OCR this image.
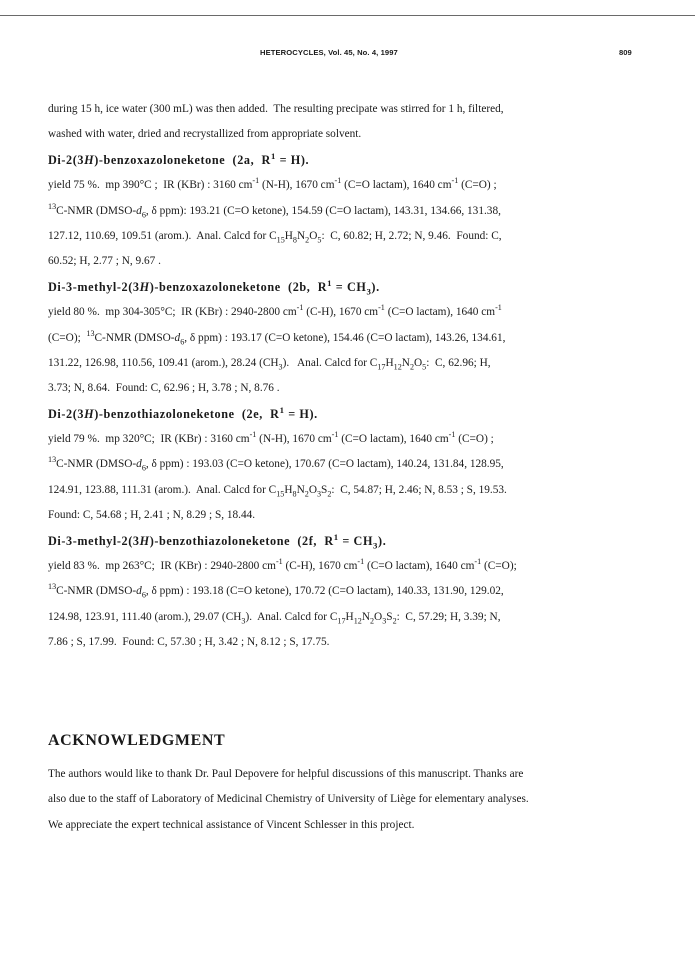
HETEROCYCLES, Vol. 45, No. 4, 1997	809
during 15 h, ice water (300 mL) was then added.  The resulting precipate was stirred for 1 h, filtered,
washed with water, dried and recrystallized from appropriate solvent.
Di-2(3H)-benzoxazoloneketone  (2a,  $R^1 = H$).
yield 75 %.  mp 390°C ;  IR (KBr) : 3160 $cm^{-1}$ (N-H), 1670 $cm^{-1}$ (C=O lactam), 1640 $cm^{-1}$ (C=O) ;
$^{13}$C-NMR ($DMSO-d_6$, δ ppm): 193.21 (C=O ketone), 154.59 (C=O lactam), 143.31, 134.66, 131.38,
127.12, 110.69, 109.51 (arom.).  Anal. Calcd for $C_{15}H_8N_2O_5$:  C, 60.82; H, 2.72; N, 9.46.  Found: C,
60.52; H, 2.77 ; N, 9.67 .
Di-3-methyl-2(3H)-benzoxazoloneketone  (2b,  $R^1 = CH_3$).
yield 80 %.  mp 304-305°C;  IR (KBr) : 2940-2800 $cm^{-1}$ (C-H), 1670 $cm^{-1}$ (C=O lactam), 1640 $cm^{-1}$
(C=O);  $^{13}$C-NMR ($DMSO-d_6$, δ ppm) : 193.17 (C=O ketone), 154.46 (C=O lactam), 143.26, 134.61,
131.22, 126.98, 110.56, 109.41 (arom.), 28.24 $(CH_3)$.   Anal. Calcd for $C_{17}H_{12}N_2O_5$:  C, 62.96; H,
3.73; N, 8.64.  Found: C, 62.96 ; H, 3.78 ; N, 8.76 .
Di-2(3H)-benzothiazoloneketone  (2e,  $R^1 = H$).
yield 79 %.  mp 320°C;  IR (KBr) : 3160 $cm^{-1}$ (N-H), 1670 $cm^{-1}$ (C=O lactam), 1640 $cm^{-1}$ (C=O) ;
$^{13}$C-NMR ($DMSO-d_6$, δ ppm) : 193.03 (C=O ketone), 170.67 (C=O lactam), 140.24, 131.84, 128.95,
124.91, 123.88, 111.31 (arom.).  Anal. Calcd for $C_{15}H_8N_2O_3S_2$:  C, 54.87; H, 2.46; N, 8.53 ; S, 19.53.
Found: C, 54.68 ; H, 2.41 ; N, 8.29 ; S, 18.44.
Di-3-methyl-2(3H)-benzothiazoloneketone  (2f,  $R^1 = CH_3$).
yield 83 %.  mp 263°C;  IR (KBr) : 2940-2800 $cm^{-1}$ (C-H), 1670 $cm^{-1}$ (C=O lactam), 1640 $cm^{-1}$ (C=O);
$^{13}$C-NMR ($DMSO-d_6$, δ ppm) : 193.18 (C=O ketone), 170.72 (C=O lactam), 140.33, 131.90, 129.02,
124.98, 123.91, 111.40 (arom.), 29.07 $(CH_3)$.  Anal. Calcd for $C_{17}H_{12}N_2O_3S_2$:  C, 57.29; H, 3.39; N,
7.86 ; S, 17.99.  Found: C, 57.30 ; H, 3.42 ; N, 8.12 ; S, 17.75.
ACKNOWLEDGMENT
The authors would like to thank Dr. Paul Depovere for helpful discussions of this manuscript. Thanks are
also due to the staff of Laboratory of Medicinal Chemistry of University of Liège for elementary analyses.
We appreciate the expert technical assistance of Vincent Schlesser in this project.
